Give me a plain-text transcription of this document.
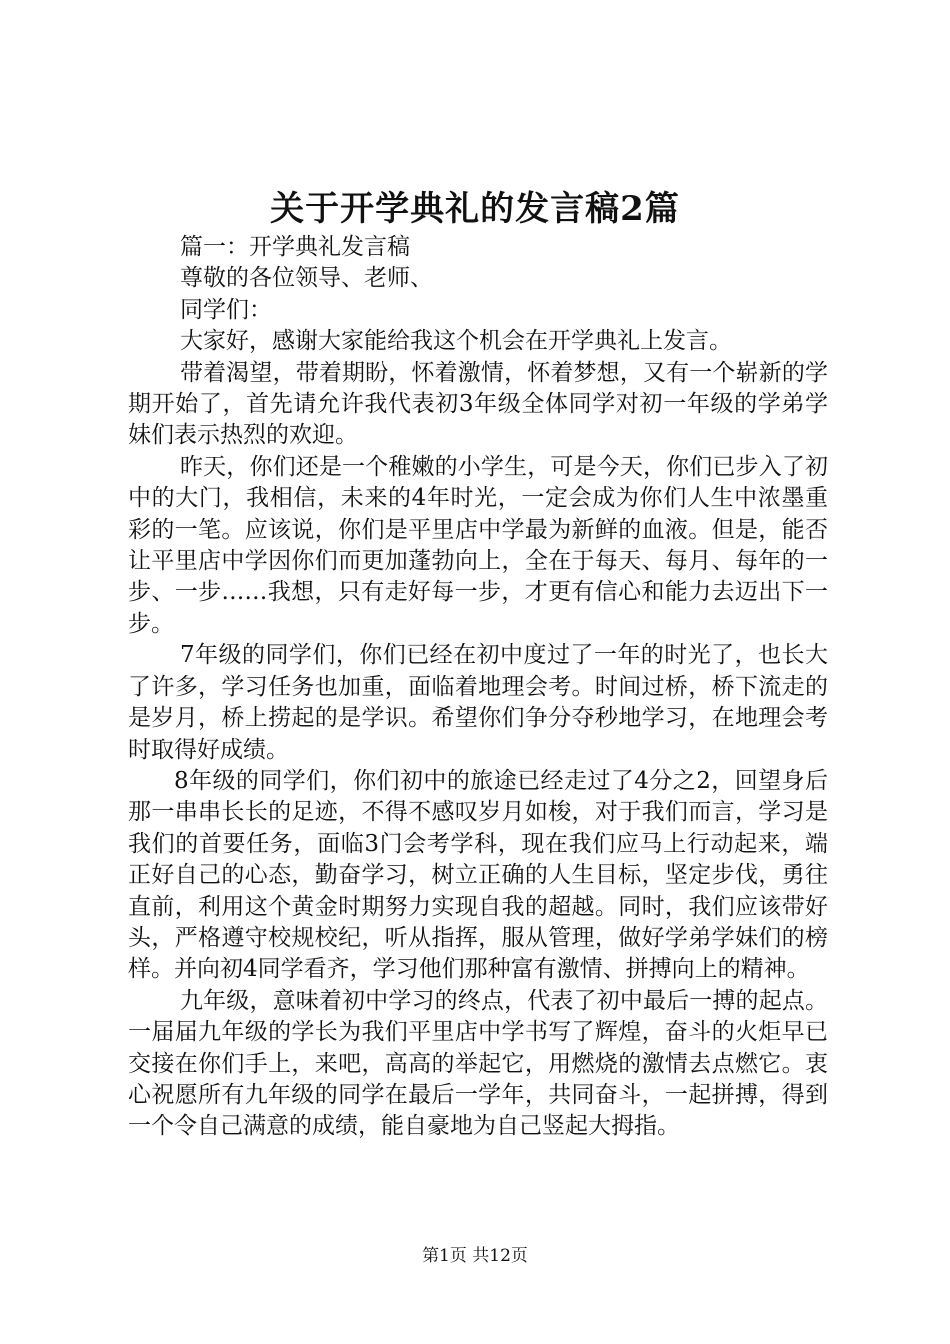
关于开学典礼的发言稿2篇

篇一：开学典礼发言稿

尊敬的各位领导、老师、

同学们：

大家好，感谢大家能给我这个机会在开学典礼上发言。

带着渴望，带着期盼，怀着激情，怀着梦想，又有一个崭新的学期开始了，首先请允许我代表初3年级全体同学对初一年级的学弟学妹们表示热烈的欢迎。

昨天，你们还是一个稚嫩的小学生，可是今天，你们已步入了初中的大门，我相信，未来的4年时光，一定会成为你们人生中浓墨重彩的一笔。应该说，你们是平里店中学最为新鲜的血液。但是，能否让平里店中学因你们而更加蓬勃向上，全在于每天、每月、每年的一步、一步……我想，只有走好每一步，才更有信心和能力去迈出下一步。

7年级的同学们，你们已经在初中度过了一年的时光了，也长大了许多，学习任务也加重，面临着地理会考。时间过桥，桥下流走的是岁月，桥上捞起的是学识。希望你们争分夺秒地学习，在地理会考时取得好成绩。

8年级的同学们，你们初中的旅途已经走过了4分之2，回望身后那一串串长长的足迹，不得不感叹岁月如梭，对于我们而言，学习是我们的首要任务，面临3门会考学科，现在我们应马上行动起来，端正好自己的心态，勤奋学习，树立正确的人生目标，坚定步伐，勇往直前，利用这个黄金时期努力实现自我的超越。同时，我们应该带好头，严格遵守校规校纪，听从指挥，服从管理，做好学弟学妹们的榜样。并向初4同学看齐，学习他们那种富有激情、拼搏向上的精神。

九年级，意味着初中学习的终点，代表了初中最后一搏的起点。一届届九年级的学长为我们平里店中学书写了辉煌，奋斗的火炬早已交接在你们手上，来吧，高高的举起它，用燃烧的激情去点燃它。衷心祝愿所有九年级的同学在最后一学年，共同奋斗，一起拼搏，得到一个令自己满意的成绩，能自豪地为自己竖起大拇指。

第1页 共12页
